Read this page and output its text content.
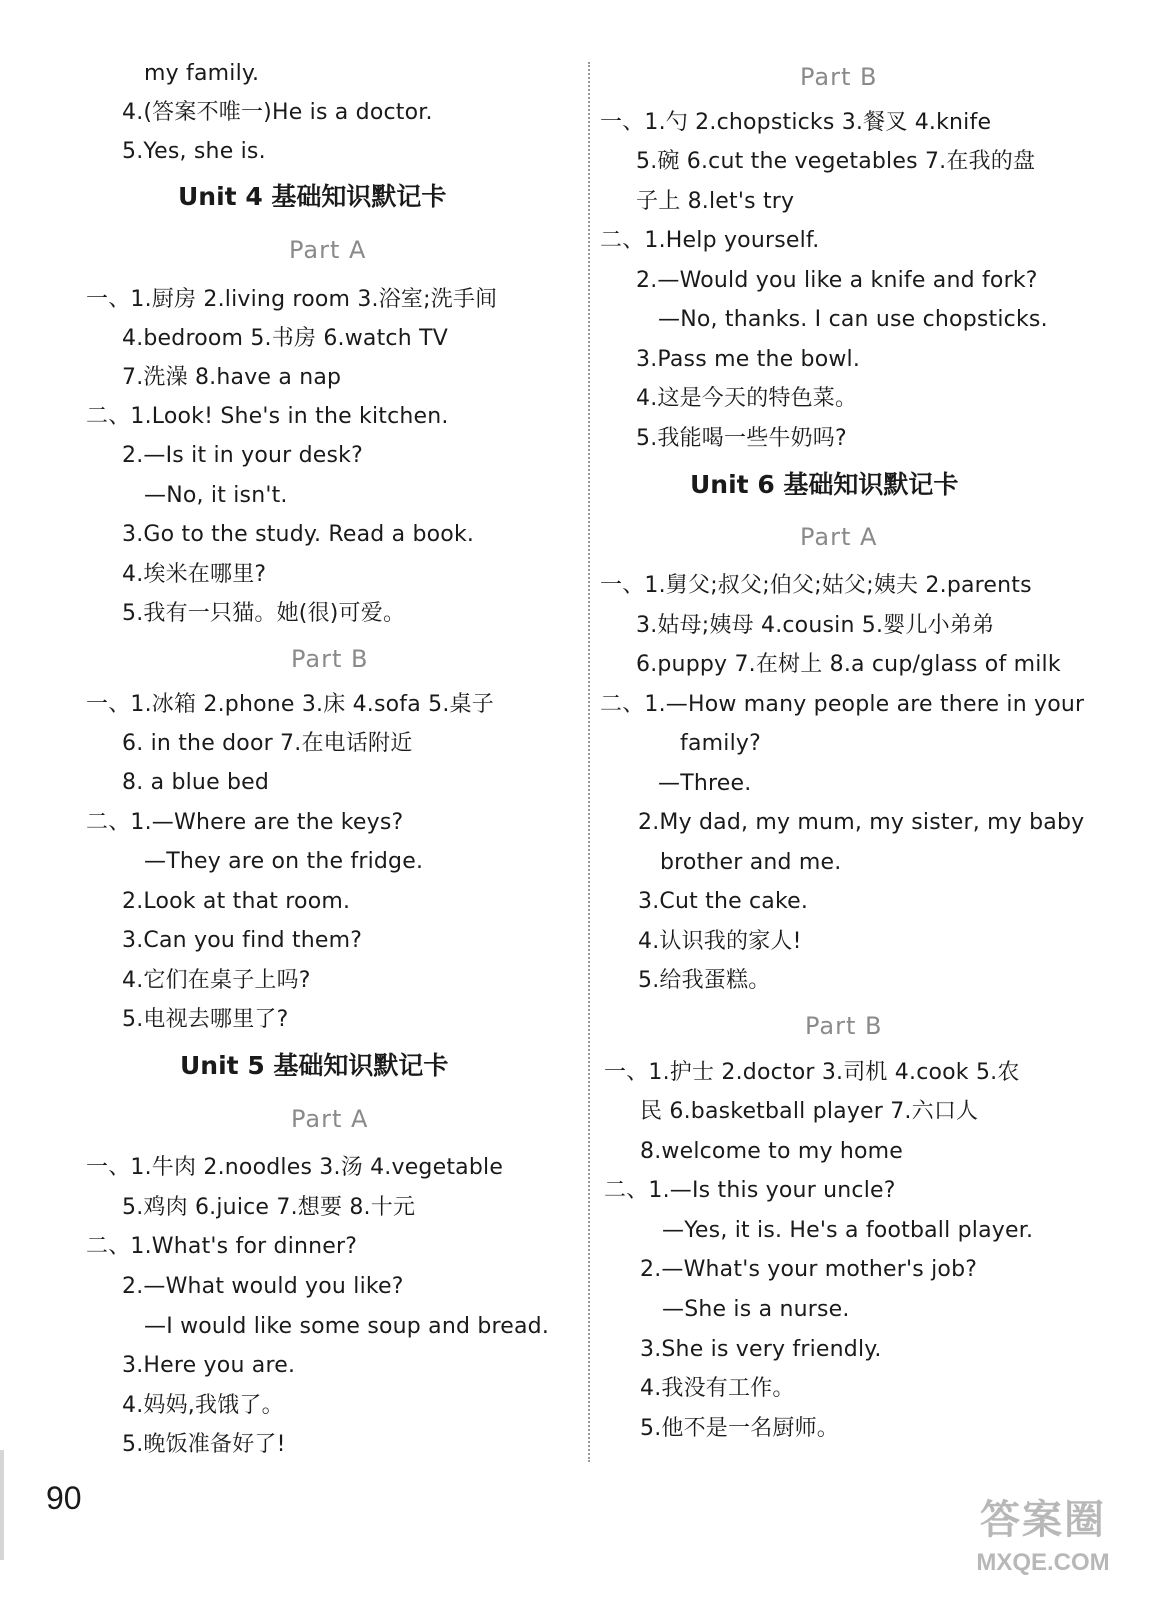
my family.
4.(答案不唯一)He is a doctor.
5.Yes, she is.
Unit 4 基础知识默记卡
Part A
一、1.厨房 2.living room 3.浴室;洗手间
4.bedroom 5.书房 6.watch TV
7.洗澡 8.have a nap
二、1.Look! She's in the kitchen.
2.—Is it in your desk?
—No, it isn't.
3.Go to the study. Read a book.
4.埃米在哪里?
5.我有一只猫。她(很)可爱。
Part B
一、1.冰箱 2.phone 3.床 4.sofa 5.桌子
6. in the door 7.在电话附近
8. a blue bed
二、1.—Where are the keys?
—They are on the fridge.
2.Look at that room.
3.Can you find them?
4.它们在桌子上吗?
5.电视去哪里了?
Unit 5 基础知识默记卡
Part A
一、1.牛肉 2.noodles 3.汤 4.vegetable
5.鸡肉 6.juice 7.想要 8.十元
二、1.What's for dinner?
2.—What would you like?
—I would like some soup and bread.
3.Here you are.
4.妈妈,我饿了。
5.晚饭准备好了!
Part B
一、1.勺 2.chopsticks 3.餐叉 4.knife
5.碗 6.cut the vegetables 7.在我的盘
子上 8.let's try
二、1.Help yourself.
2.—Would you like a knife and fork?
—No, thanks. I can use chopsticks.
3.Pass me the bowl.
4.这是今天的特色菜。
5.我能喝一些牛奶吗?
Unit 6 基础知识默记卡
Part A
一、1.舅父;叔父;伯父;姑父;姨夫 2.parents
3.姑母;姨母 4.cousin 5.婴儿小弟弟
6.puppy 7.在树上 8.a cup/glass of milk
二、1.—How many people are there in your
family?
—Three.
2.My dad, my mum, my sister, my baby
brother and me.
3.Cut the cake.
4.认识我的家人!
5.给我蛋糕。
Part B
一、1.护士 2.doctor 3.司机 4.cook 5.农
民 6.basketball player 7.六口人
8.welcome to my home
二、1.—Is this your uncle?
—Yes, it is. He's a football player.
2.—What's your mother's job?
—She is a nurse.
3.She is very friendly.
4.我没有工作。
5.他不是一名厨师。
90	答案圈
MXQE.COM
